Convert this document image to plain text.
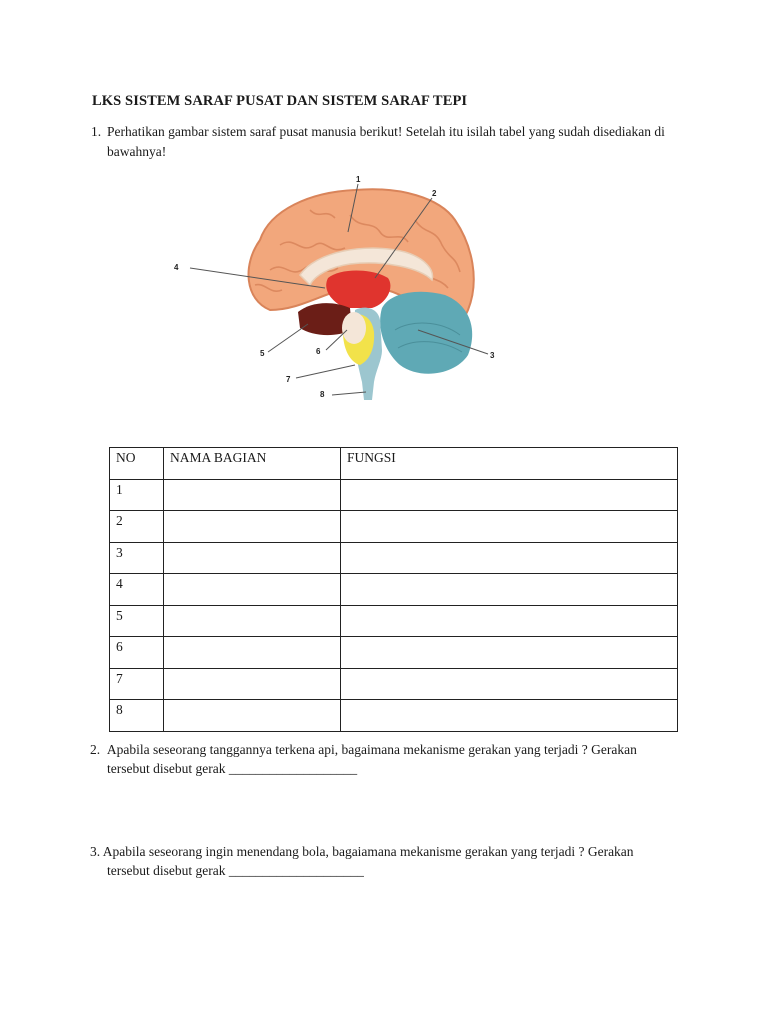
LKS SISTEM SARAF PUSAT DAN SISTEM SARAF TEPI
1. Perhatikan gambar sistem saraf pusat manusia berikut! Setelah itu isilah tabel yang sudah disediakan di
bawahnya!
1
2
3
4
5	6
7
8
NO	NAMA BAGIAN	FUNGSI
1		
2		
3		
4		
5		
6		
7		
8		
2. Apabila seseorang tanggannya terkena api, bagaimana mekanisme gerakan yang terjadi ? Gerakan
tersebut disebut gerak ___________________
3. Apabila seseorang ingin menendang bola, bagaiamana mekanisme gerakan yang terjadi ? Gerakan
tersebut disebut gerak ____________________
